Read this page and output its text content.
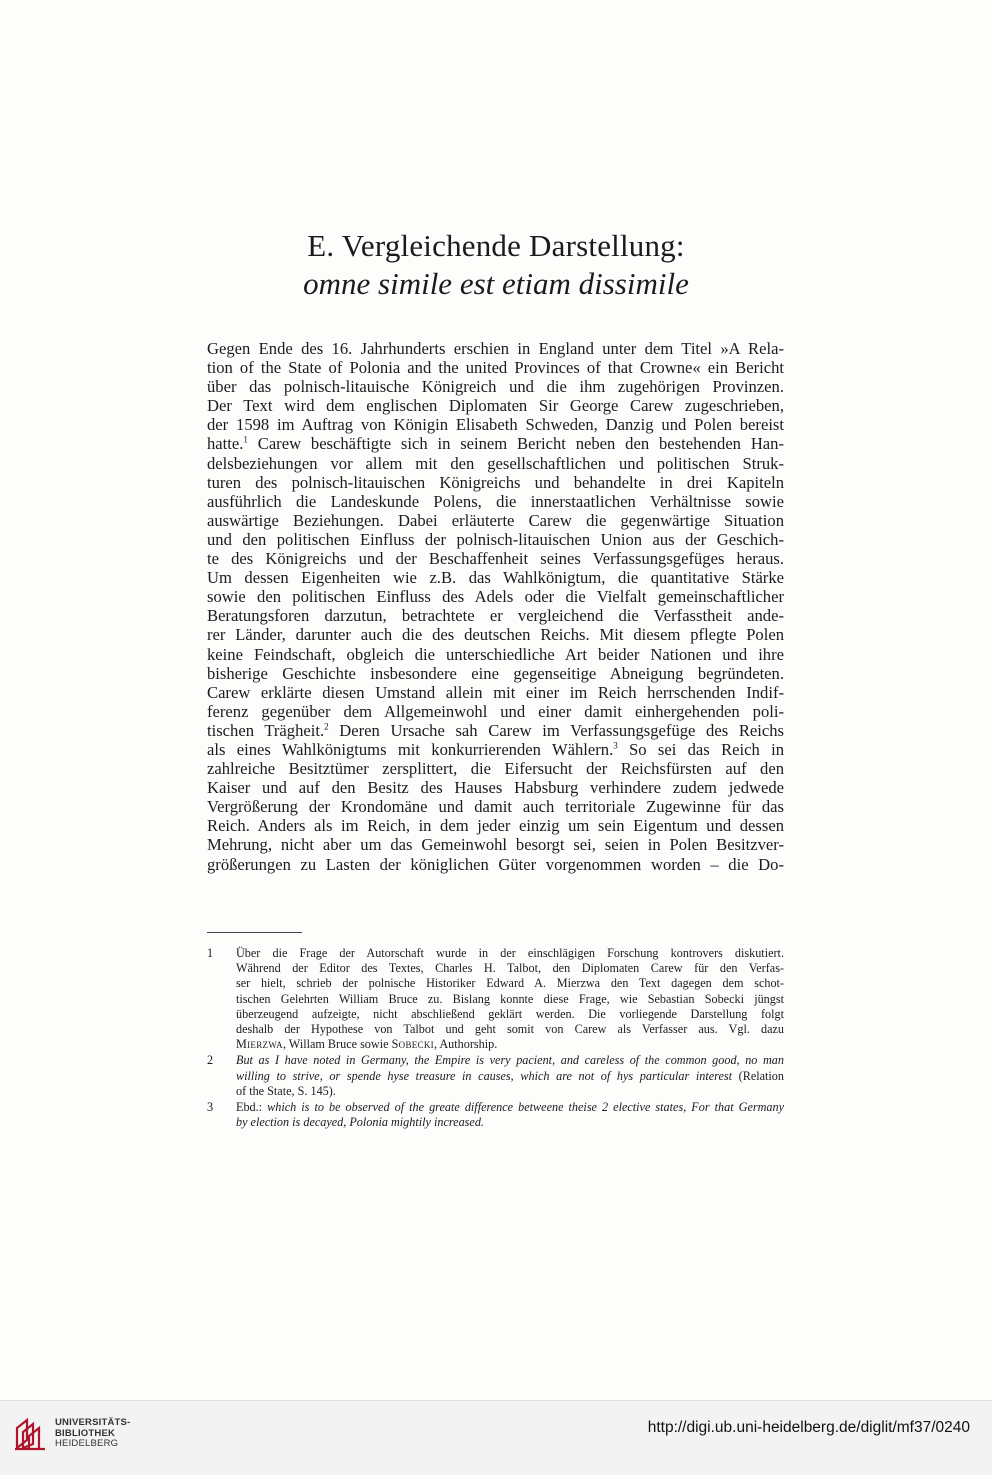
E. Vergleichende Darstellung:
omne simile est etiam dissimile
Gegen Ende des 16. Jahrhunderts erschien in England unter dem Titel »A Rela-
tion of the State of Polonia and the united Provinces of that Crowne« ein Bericht
über das polnisch-litauische Königreich und die ihm zugehörigen Provinzen.
Der Text wird dem englischen Diplomaten Sir George Carew zugeschrieben,
der 1598 im Auftrag von Königin Elisabeth Schweden, Danzig und Polen bereist
hatte.$^1$ Carew beschäftigte sich in seinem Bericht neben den bestehenden Han-
delsbeziehungen vor allem mit den gesellschaftlichen und politischen Struk-
turen des polnisch-litauischen Königreichs und behandelte in drei Kapiteln
ausführlich die Landeskunde Polens, die innerstaatlichen Verhältnisse sowie
auswärtige Beziehungen. Dabei erläuterte Carew die gegenwärtige Situation
und den politischen Einfluss der polnisch-litauischen Union aus der Geschich-
te des Königreichs und der Beschaffenheit seines Verfassungsgefüges heraus.
Um dessen Eigenheiten wie z.B. das Wahlkönigtum, die quantitative Stärke
sowie den politischen Einfluss des Adels oder die Vielfalt gemeinschaftlicher
Beratungsforen darzutun, betrachtete er vergleichend die Verfasstheit ande-
rer Länder, darunter auch die des deutschen Reichs. Mit diesem pflegte Polen
keine Feindschaft, obgleich die unterschiedliche Art beider Nationen und ihre
bisherige Geschichte insbesondere eine gegenseitige Abneigung begründeten.
Carew erklärte diesen Umstand allein mit einer im Reich herrschenden Indif-
ferenz gegenüber dem Allgemeinwohl und einer damit einhergehenden poli-
tischen Trägheit.$^2$ Deren Ursache sah Carew im Verfassungsgefüge des Reichs
als eines Wahlkönigtums mit konkurrierenden Wählern.$^3$ So sei das Reich in
zahlreiche Besitztümer zersplittert, die Eifersucht der Reichsfürsten auf den
Kaiser und auf den Besitz des Hauses Habsburg verhindere zudem jedwede
Vergrößerung der Krondomäne und damit auch territoriale Zugewinne für das
Reich. Anders als im Reich, in dem jeder einzig um sein Eigentum und dessen
Mehrung, nicht aber um das Gemeinwohl besorgt sei, seien in Polen Besitzver-
größerungen zu Lasten der königlichen Güter vorgenommen worden – die Do-
1	Über die Frage der Autorschaft wurde in der einschlägigen Forschung kontrovers diskutiert.
Während der Editor des Textes, Charles H. Talbot, den Diplomaten Carew für den Verfas-
ser hielt, schrieb der polnische Historiker Edward A. Mierzwa den Text dagegen dem schot-
tischen Gelehrten William Bruce zu. Bislang konnte diese Frage, wie Sebastian Sobecki jüngst
überzeugend aufzeigte, nicht abschließend geklärt werden. Die vorliegende Darstellung folgt
deshalb der Hypothese von Talbot und geht somit von Carew als Verfasser aus. Vgl. dazu
Mierzwa, Willam Bruce sowie Sobecki, Authorship.
2	But as I have noted in Germany, the Empire is very pacient, and careless of the common good, no man
willing to strive, or spende hyse treasure in causes, which are not of hys particular interest (Relation
of the State, S. 145).
3	Ebd.: which is to be observed of the greate difference betweene theise 2 elective states, For that Germany
by election is decayed, Polonia mightily increased.
UNIVERSITÄTS-
BIBLIOTHEK
HEIDELBERG
http://digi.ub.uni-heidelberg.de/diglit/mf37/0240
